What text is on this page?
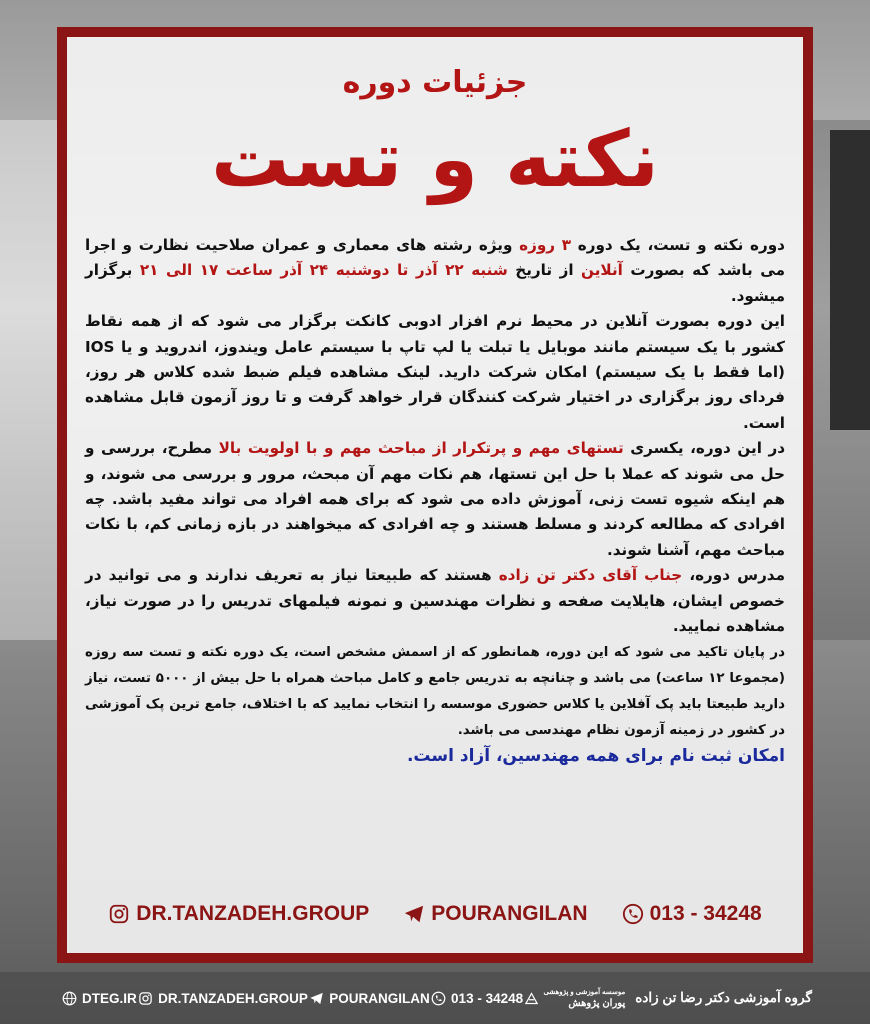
جزئیات دوره
نکته و تست

دوره نکته و تست، یک دوره ۳ روزه ویژه رشته های معماری و عمران صلاحیت نظارت و اجرا می باشد که بصورت آنلاین از تاریخ شنبه ۲۲ آذر تا دوشنبه ۲۴ آذر ساعت ۱۷ الی ۲۱ برگزار میشود.

این دوره بصورت آنلاین در محیط نرم افزار ادوبی کانکت برگزار می شود که از همه نقاط کشور با یک سیستم مانند موبایل یا تبلت یا لپ تاپ با سیستم عامل ویندوز، اندروید و یا IOS (اما فقط با یک سیستم) امکان شرکت دارید. لینک مشاهده فیلم ضبط شده کلاس هر روز، فردای روز برگزاری در اختیار شرکت کنندگان قرار خواهد گرفت و تا روز آزمون قابل مشاهده است.

در این دوره، یکسری تستهای مهم و پرتکرار از مباحث مهم و با اولویت بالا مطرح، بررسی و حل می شوند که عملا با حل این تستها، هم نکات مهم آن مبحث، مرور و بررسی می شوند، و هم اینکه شیوه تست زنی، آموزش داده می شود که برای همه افراد می تواند مفید باشد. چه افرادی که مطالعه کردند و مسلط هستند و چه افرادی که میخواهند در بازه زمانی کم، با نکات مباحث مهم، آشنا شوند.

مدرس دوره، جناب آقای دکتر تن زاده هستند که طبیعتا نیاز به تعریف ندارند و می توانید در خصوص ایشان، هایلایت صفحه و نظرات مهندسین و نمونه فیلمهای تدریس را در صورت نیاز، مشاهده نمایید.

در پایان تاکید می شود که این دوره، همانطور که از اسمش مشخص است، یک دوره نکته و تست سه روزه (مجموعا ۱۲ ساعت) می باشد و چنانچه به تدریس جامع و کامل مباحث همراه با حل بیش از ۵۰۰۰ تست، نیاز دارید طبیعتا باید پک آفلاین یا کلاس حضوری موسسه را انتخاب نمایید که با اختلاف، جامع ترین پک آموزشی در کشور در زمینه آزمون نظام مهندسی می باشد.

امکان ثبت نام برای همه مهندسین، آزاد است.

DR.TANZADEH.GROUP	POURANGILAN	013 - 34248
DTEG.IR DR.TANZADEH.GROUP POURANGILAN 013 - 34248	گروه آموزشی دکتر رضا تن زاده
موسسه آموزشی و پژوهشی
پوران پژوهش
